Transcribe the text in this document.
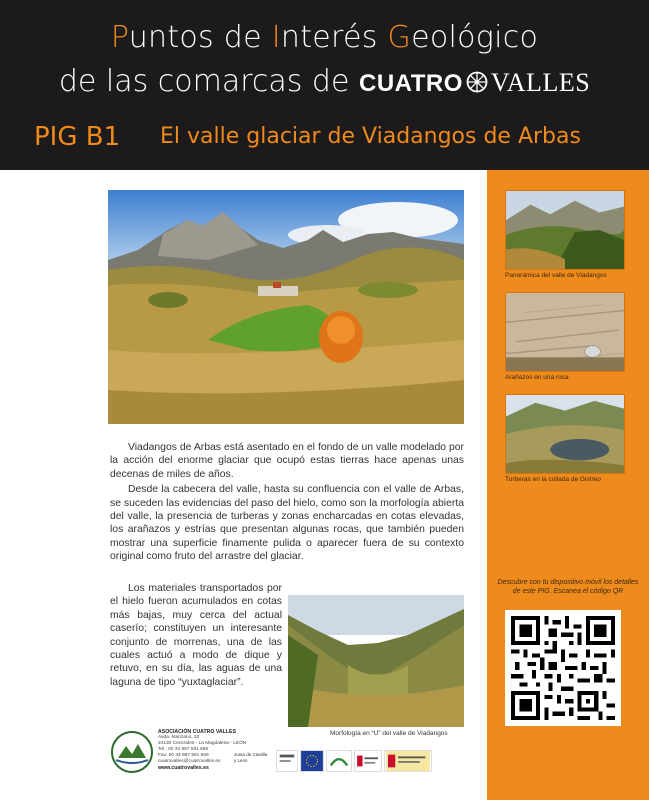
Puntos de Interés Geológico
de las comarcas de CUATRO VALLES
PIG B1 El valle glaciar de Viadangos de Arbas
Panorámica del valle de Viadangos
Arañazos en una roca
Turberas en la collada de Gistreo
Descubre con tu dispositivo móvil los detalles de este PIG. Escanea el código QR

Viadangos de Arbas está asentado en el fondo de un valle modelado por la acción del enorme glaciar que ocupó estas tierras hace apenas unas decenas de miles de años.

Desde la cabecera del valle, hasta su confluencia con el valle de Arbas, se suceden las evidencias del paso del hielo, como son la morfología abierta del valle, la presencia de turberas y zonas encharcadas en cotas elevadas, los arañazos y estrías que presentan algunas rocas, que también pueden mostrar una superficie finamente pulida o aparecer fuera de su contexto original como fruto del arrastre del glaciar.

Los materiales transportados por el hielo fueron acumulados en cotas más bajas, muy cerca del actual caserío; constituyen un interesante conjunto de morrenas, una de las cuales actuó a modo de dique y retuvo, en su día, las aguas de una laguna de tipo “yuxtaglaciar”.

Morfología en “U” del valle de Viadangos
ASOCIACIÓN CUATRO VALLES
Avda. Manzano, 32
24130 Cerezales - La Magdalena - LEÓN
Tel.: 00 34 987 581 666
Fax: 00 34 987 581 668
cuatrovalles@cuatrovalles.es
www.cuatrovalles.es
Junta de Castilla y León
